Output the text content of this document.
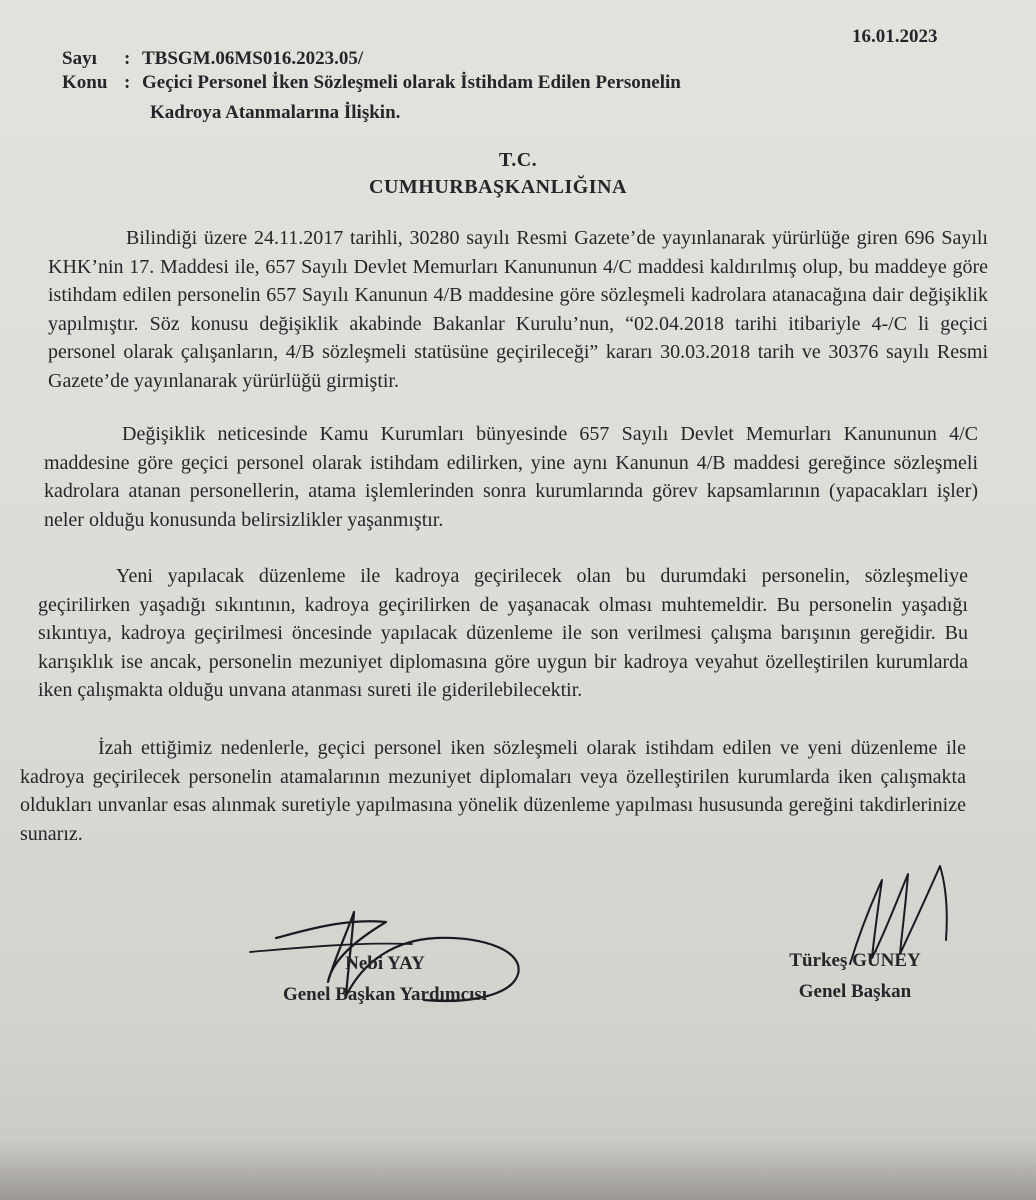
16.01.2023
Sayı : TBSGM.06MS016.2023.05/
Konu : Geçici Personel İken Sözleşmeli olarak İstihdam Edilen Personelin
Kadroya Atanmalarına İlişkin.
T.C.
CUMHURBAŞKANLIĞINA

Bilindiği üzere 24.11.2017 tarihli, 30280 sayılı Resmi Gazete’de yayınlanarak yürürlüğe giren 696 Sayılı KHK’nin 17. Maddesi ile, 657 Sayılı Devlet Memurları Kanununun 4/C maddesi kaldırılmış olup, bu maddeye göre istihdam edilen personelin 657 Sayılı Kanunun 4/B maddesine göre sözleşmeli kadrolara atanacağına dair değişiklik yapılmıştır. Söz konusu değişiklik akabinde Bakanlar Kurulu’nun, “02.04.2018 tarihi itibariyle 4-/C li geçici personel olarak çalışanların, 4/B sözleşmeli statüsüne geçirileceği” kararı 30.03.2018 tarih ve 30376 sayılı Resmi Gazete’de yayınlanarak yürürlüğü girmiştir.

Değişiklik neticesinde Kamu Kurumları bünyesinde 657 Sayılı Devlet Memurları Kanununun 4/C maddesine göre geçici personel olarak istihdam edilirken, yine aynı Kanunun 4/B maddesi gereğince sözleşmeli kadrolara atanan personellerin, atama işlemlerinden sonra kurumlarında görev kapsamlarının (yapacakları işler) neler olduğu konusunda belirsizlikler yaşanmıştır.

Yeni yapılacak düzenleme ile kadroya geçirilecek olan bu durumdaki personelin, sözleşmeliye geçirilirken yaşadığı sıkıntının, kadroya geçirilirken de yaşanacak olması muhtemeldir. Bu personelin yaşadığı sıkıntıya, kadroya geçirilmesi öncesinde yapılacak düzenleme ile son verilmesi çalışma barışının gereğidir. Bu karışıklık ise ancak, personelin mezuniyet diplomasına göre uygun bir kadroya veyahut özelleştirilen kurumlarda iken çalışmakta olduğu unvana atanması sureti ile giderilebilecektir.

İzah ettiğimiz nedenlerle, geçici personel iken sözleşmeli olarak istihdam edilen ve yeni düzenleme ile kadroya geçirilecek personelin atamalarının mezuniyet diplomaları veya özelleştirilen kurumlarda iken çalışmakta oldukları unvanlar esas alınmak suretiyle yapılmasına yönelik düzenleme yapılması hususunda gereğini takdirlerinize sunarız.

Nebi YAY
Genel Başkan Yardımcısı
Türkeş GÜNEY
Genel Başkan
